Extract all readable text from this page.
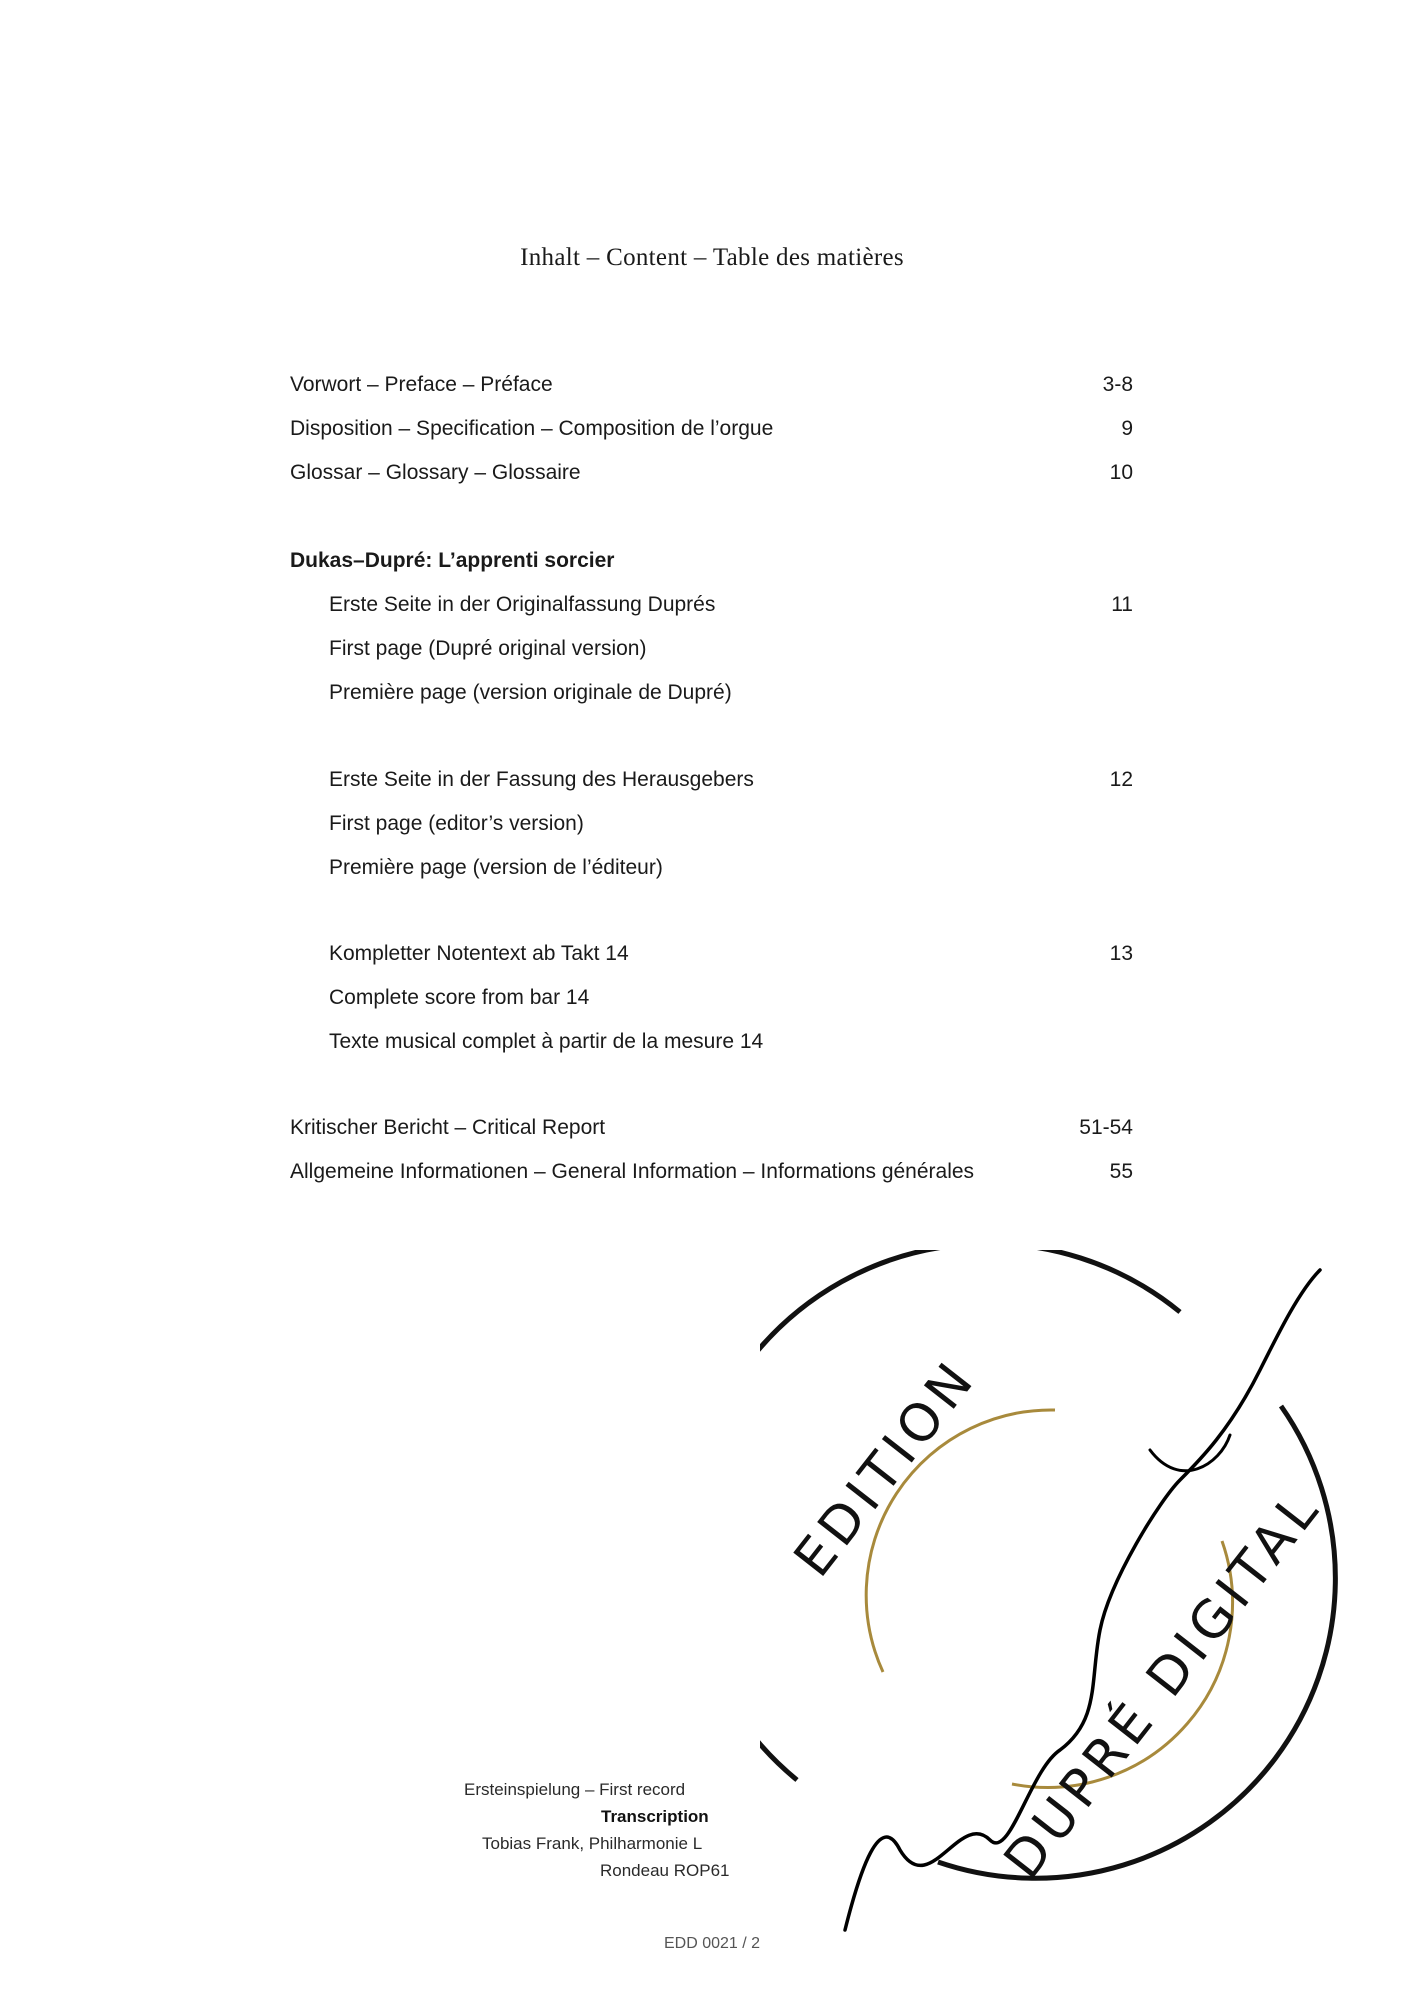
Inhalt – Content – Table des matières
Vorwort – Preface – Préface	3-8
Disposition – Specification – Composition de l’orgue	9
Glossar – Glossary – Glossaire	10
Dukas–Dupré: L’apprenti sorcier
Erste Seite in der Originalfassung Duprés	11
First page (Dupré original version)
Première page (version originale de Dupré)
Erste Seite in der Fassung des Herausgebers	12
First page (editor’s version)
Première page (version de l’éditeur)
Kompletter Notentext ab Takt 14	13
Complete score from bar 14
Texte musical complet à partir de la mesure 14
Kritischer Bericht – Critical Report	51-54
Allgemeine Informationen – General Information – Informations générales	55
Ersteinspielung – First record
Transcription
Tobias Frank, Philharmonie L
Rondeau ROP61
EDITION
DUPRÉ DIGITAL
EDD 0021 / 2
